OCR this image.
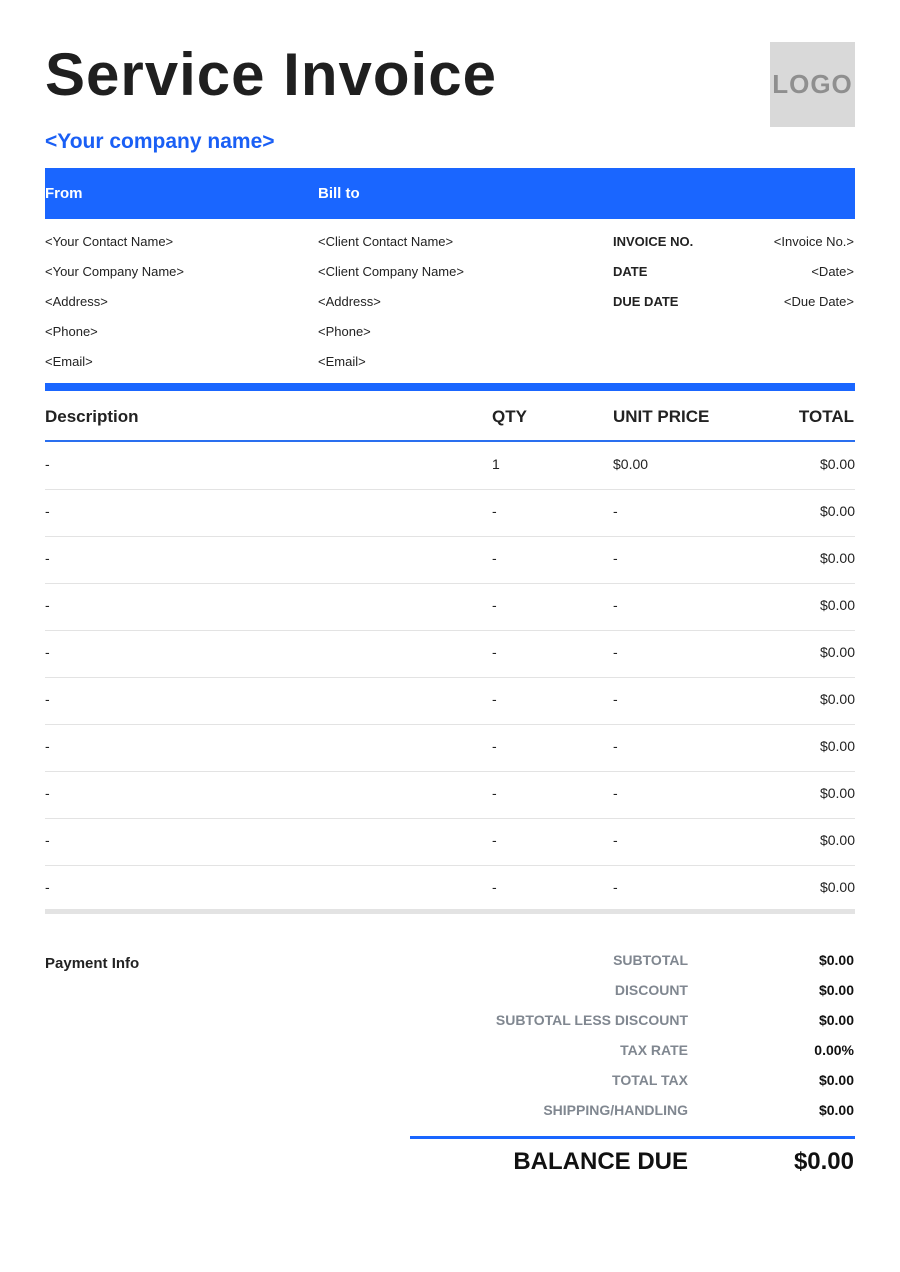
Service Invoice	LOGO
<Your company name>
From	Bill to
<Your Contact Name>
<Your Company Name>
<Address>
<Phone>
<Email>
<Client Contact Name>
<Client Company Name>
<Address>
<Phone>
<Email>
INVOICE NO.	<Invoice No.>
DATE	<Date>
DUE DATE	<Due Date>
Description	QTY	UNIT PRICE	TOTAL
-	1	$0.00	$0.00
-	-	-	$0.00
-	-	-	$0.00
-	-	-	$0.00
-	-	-	$0.00
-	-	-	$0.00
-	-	-	$0.00
-	-	-	$0.00
-	-	-	$0.00
-	-	-	$0.00
Payment Info	SUBTOTAL	$0.00
DISCOUNT	$0.00
SUBTOTAL LESS DISCOUNT	$0.00
TAX RATE	0.00%
TOTAL TAX	$0.00
SHIPPING/HANDLING	$0.00
BALANCE DUE	$0.00
